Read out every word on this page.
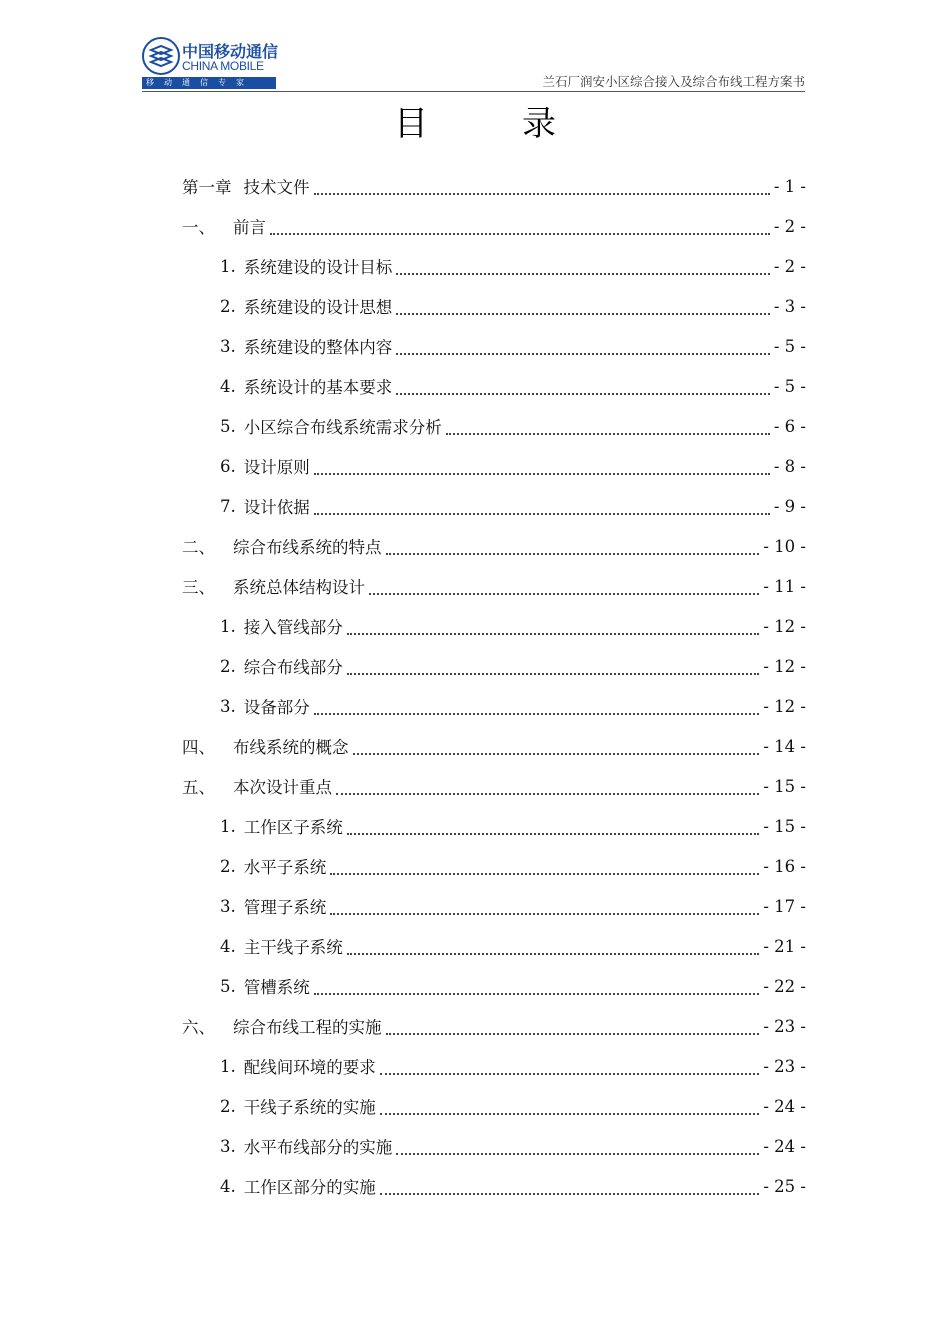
中国移动通信
CHINA MOBILE
移动通信专家	兰石厂润安小区综合接入及综合布线工程方案书
目　录
第一章 技术文件	- 1 -
一、 前言	- 2 -
1. 系统建设的设计目标	- 2 -
2. 系统建设的设计思想	- 3 -
3. 系统建设的整体内容	- 5 -
4. 系统设计的基本要求	- 5 -
5. 小区综合布线系统需求分析	- 6 -
6. 设计原则	- 8 -
7. 设计依据	- 9 -
二、 综合布线系统的特点	- 10 -
三、 系统总体结构设计	- 11 -
1. 接入管线部分	- 12 -
2. 综合布线部分	- 12 -
3. 设备部分	- 12 -
四、 布线系统的概念	- 14 -
五、 本次设计重点	- 15 -
1. 工作区子系统	- 15 -
2. 水平子系统	- 16 -
3. 管理子系统	- 17 -
4. 主干线子系统	- 21 -
5. 管槽系统	- 22 -
六、 综合布线工程的实施	- 23 -
1. 配线间环境的要求	- 23 -
2. 干线子系统的实施	- 24 -
3. 水平布线部分的实施	- 24 -
4. 工作区部分的实施	- 25 -
